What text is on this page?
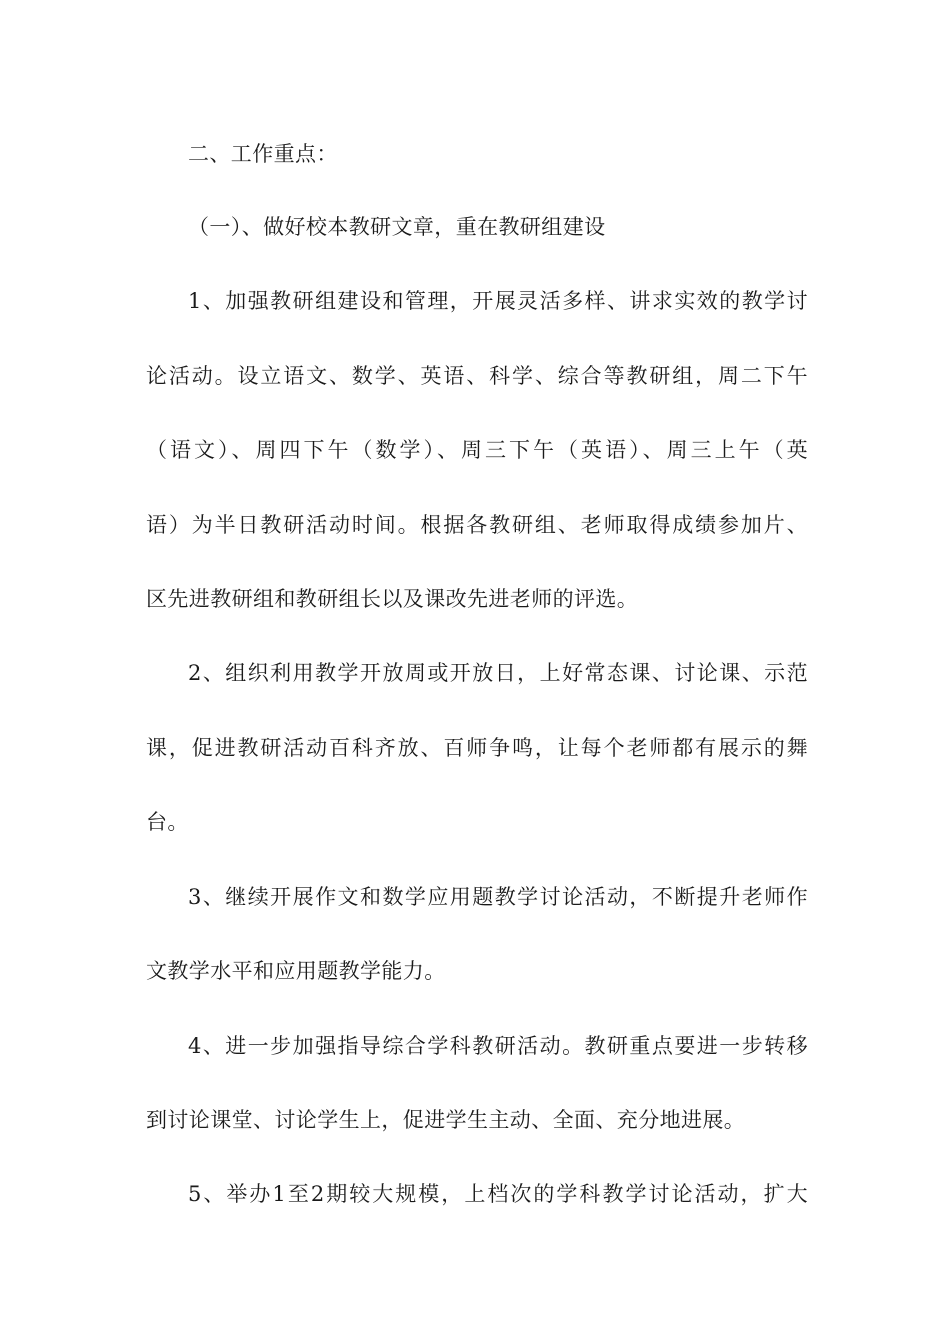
二、工作重点：
（一）、做好校本教研文章，重在教研组建设
1、加强教研组建设和管理，开展灵活多样、讲求实效的教学讨
论活动。设立语文、数学、英语、科学、综合等教研组，周二下午
（语文）、周四下午（数学）、周三下午（英语）、周三上午（英
语）为半日教研活动时间。根据各教研组、老师取得成绩参加片、
区先进教研组和教研组长以及课改先进老师的评选。
2、组织利用教学开放周或开放日，上好常态课、讨论课、示范
课，促进教研活动百科齐放、百师争鸣，让每个老师都有展示的舞
台。
3、继续开展作文和数学应用题教学讨论活动，不断提升老师作
文教学水平和应用题教学能力。
4、进一步加强指导综合学科教研活动。教研重点要进一步转移
到讨论课堂、讨论学生上，促进学生主动、全面、充分地进展。
5、举办1至2期较大规模，上档次的学科教学讨论活动，扩大
